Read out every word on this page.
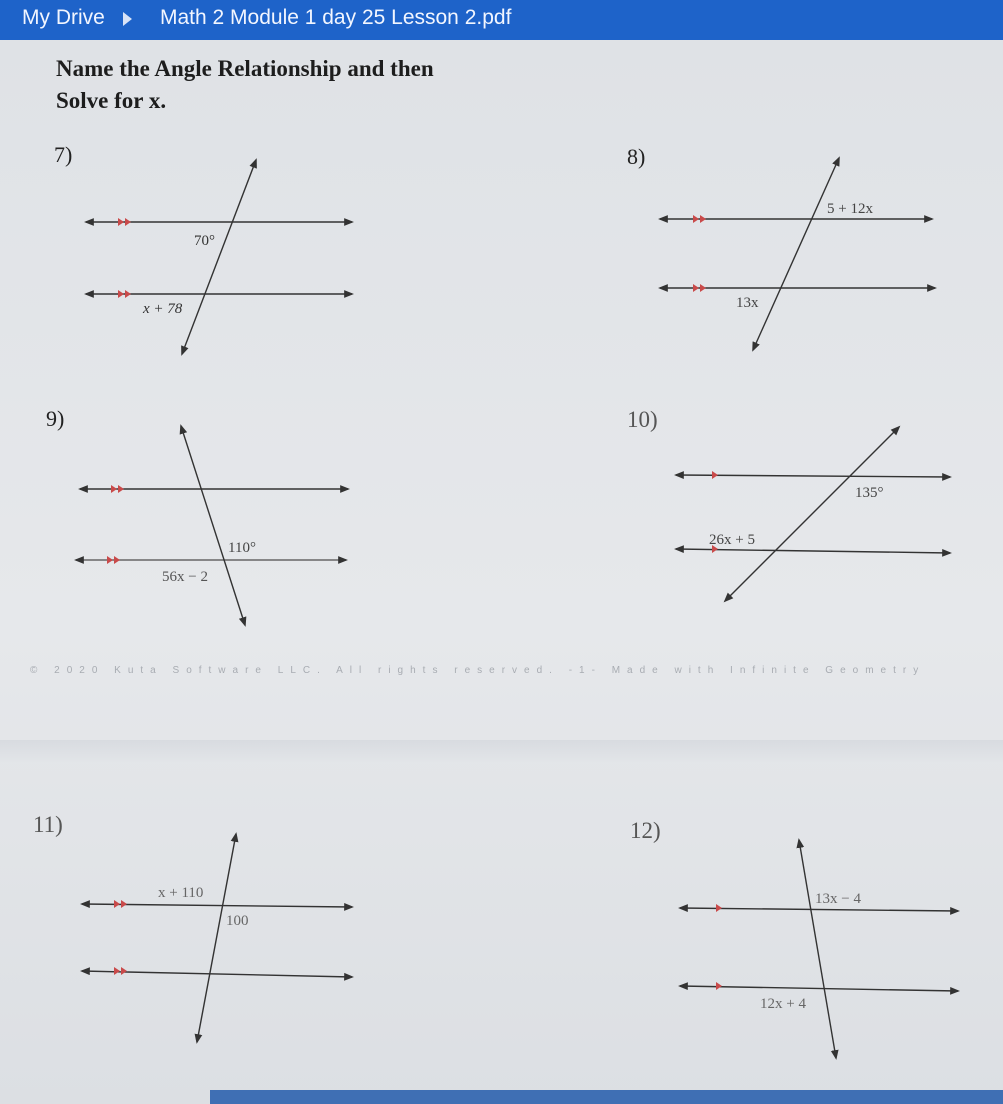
My Drive	Math 2 Module 1 day 25 Lesson 2.pdf
Name the Angle Relationship and then
Solve for x.
7)	8)
9)	10)
11)	12)
© 2020 Kuta Software LLC. All rights reserved. -1- Made with Infinite Geometry
70°
x + 78
5 + 12x
13x
110°
56x − 2
135°
26x + 5
x + 110
100
13x − 4
12x + 4
